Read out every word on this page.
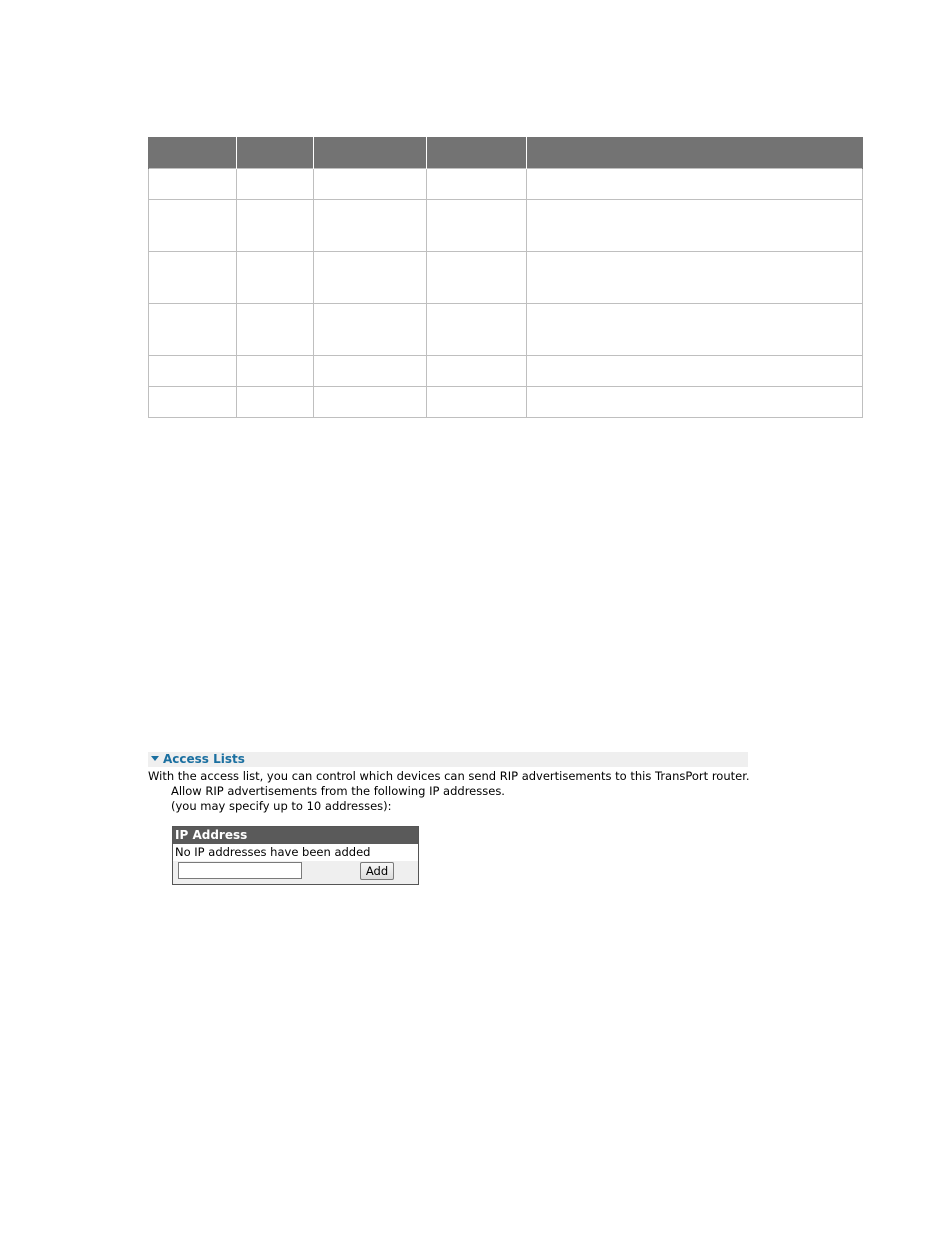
Access Lists
With the access list, you can control which devices can send RIP advertisements to this TransPort router.
Allow RIP advertisements from the following IP addresses.
(you may specify up to 10 addresses):
IP Address
No IP addresses have been added

Add
